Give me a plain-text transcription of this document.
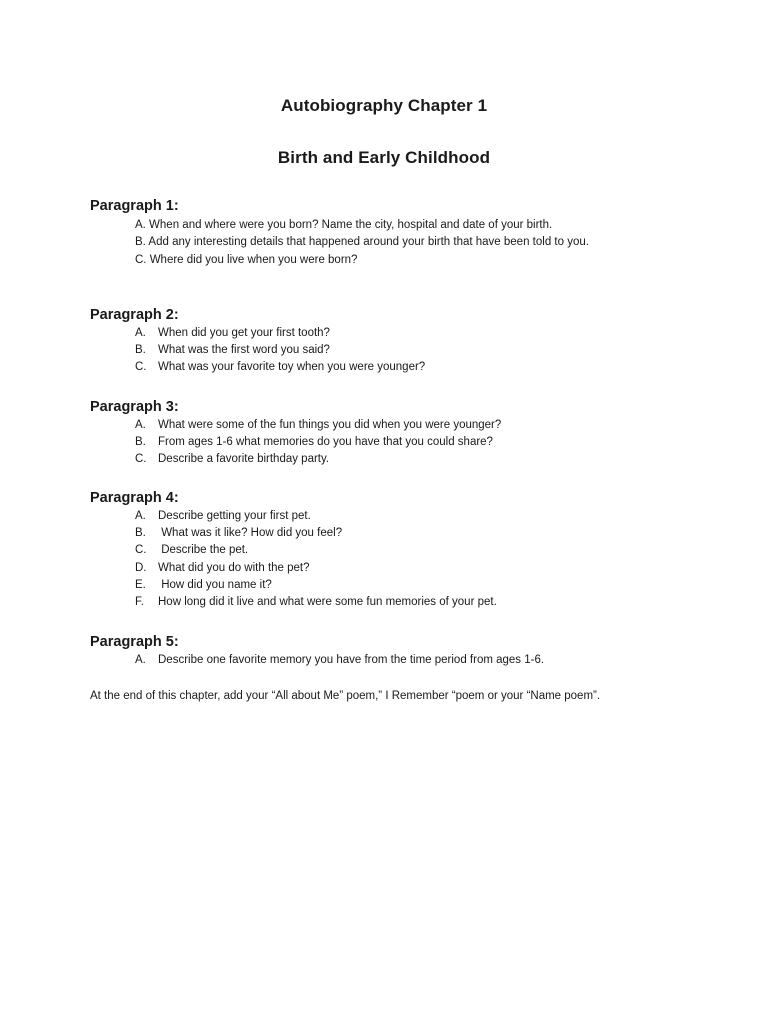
Autobiography Chapter 1
Birth and Early Childhood
Paragraph 1:
A. When and where were you born? Name the city, hospital and date of your birth.
B. Add any interesting details that happened around your birth that have been told to you.
C. Where did you live when you were born?
Paragraph 2:
A. When did you get your first tooth?
B. What was the first word you said?
C. What was your favorite toy when you were younger?
Paragraph 3:
A. What were some of the fun things you did when you were younger?
B. From ages 1-6 what memories do you have that you could share?
C. Describe a favorite birthday party.
Paragraph 4:
A. Describe getting your first pet.
B. What was it like? How did you feel?
C. Describe the pet.
D. What did you do with the pet?
E. How did you name it?
F. How long did it live and what were some fun memories of your pet.
Paragraph 5:
A. Describe one favorite memory you have from the time period from ages 1-6.
At the end of this chapter, add your “All about Me” poem,” I Remember “poem or your “Name poem”.
